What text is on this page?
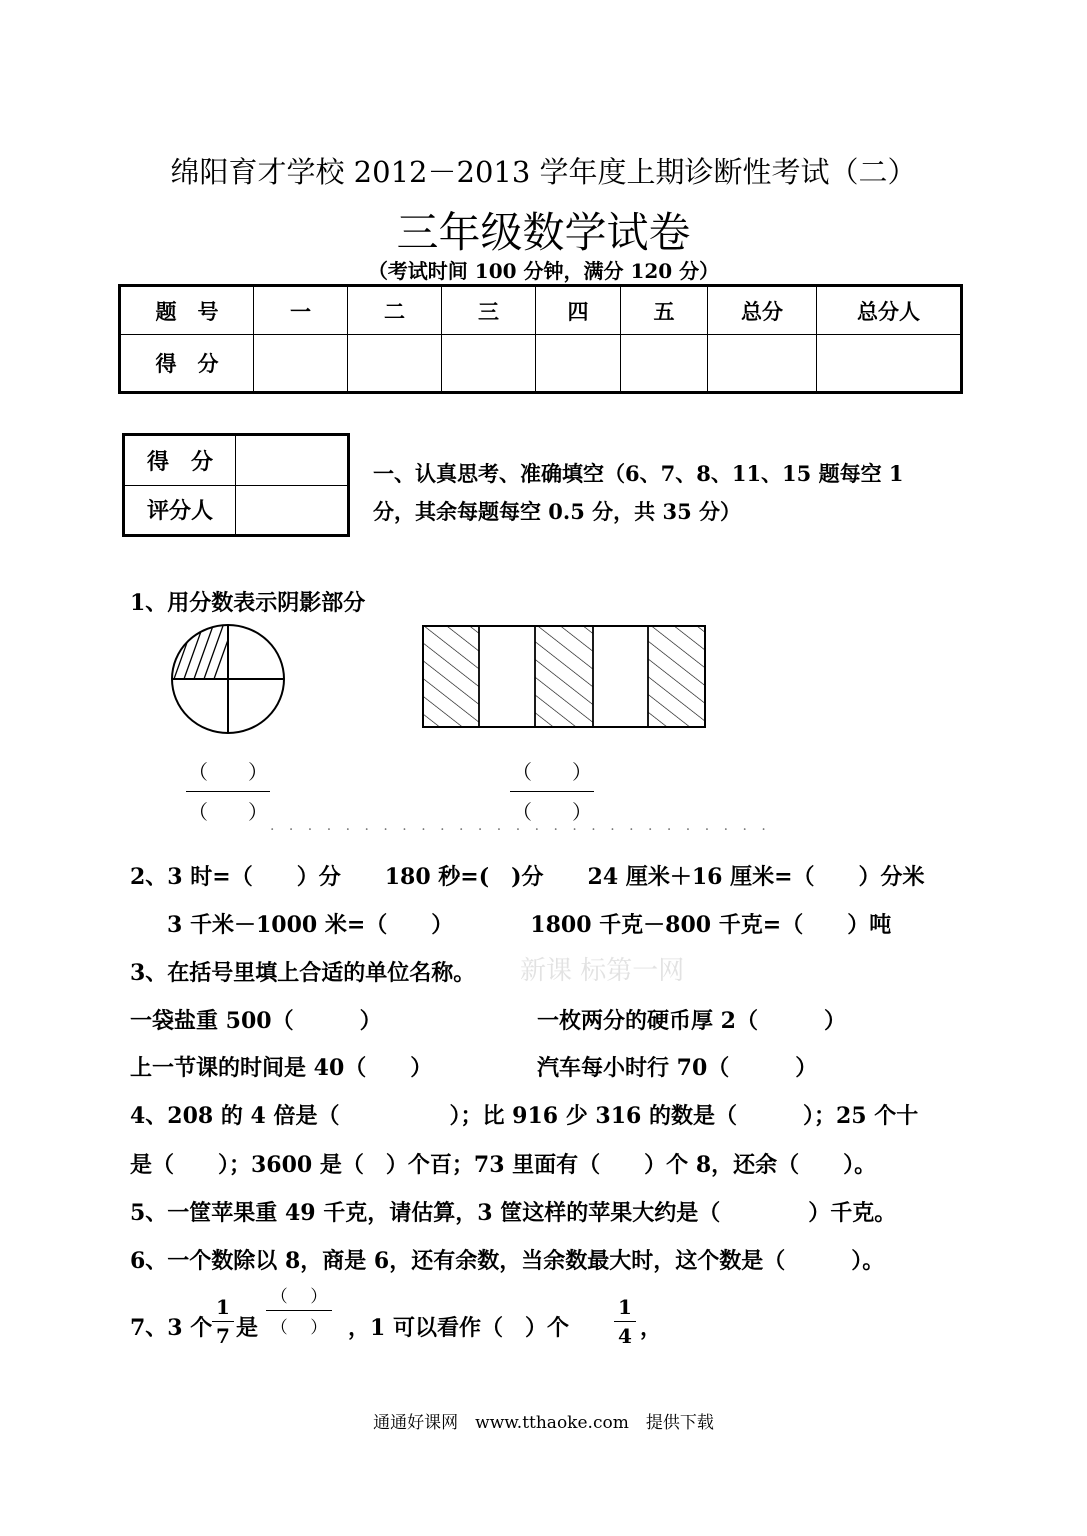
绵阳育才学校 2012－2013 学年度上期诊断性考试（二）
三年级数学试卷
（考试时间 100 分钟，满分 120 分）
题　号	一	二	三	四	五	总分	总分人
得　分							
得　分	
评分人	
一、认真思考、准确填空（6、7、8、11、15 题每空 1
分，其余每题每空 0.5 分，共 35 分）
1、用分数表示阴影部分
（　　）
（　　）
（　　）
（　　）
· · · · · · · · · · · · · · · · · · · · · · · · · · ·
2、3 时=（　　）分　　180 秒=(　)分　　24 厘米＋16 厘米=（　　）分米
3 千米－1000 米=（　　）　　　　1800 千克－800 千克=（　　）吨
3、在括号里填上合适的单位名称。 新课 标第一网
一袋盐重 500（　　　）	一枚两分的硬币厚 2（　　　）
上一节课的时间是 40（　　）	汽车每小时行 70（　　　）
4、208 的 4 倍是（　　　　　）；比 916 少 316 的数是（　　　）；25 个十
是（　　）；3600 是（　）个百；73 里面有（　　）个 8，还余（　　）。
5、一筐苹果重 49 千克，请估算，3 筐这样的苹果大约是（　　　　）千克。
6、一个数除以 8，商是 6，还有余数，当余数最大时，这个数是（　　　）。
7、3 个
1
7 是
（　 ）
（　 ） ，1 可以看作（　）个
1
4 ，
通通好课网　www.tthaoke.com　提供下载
